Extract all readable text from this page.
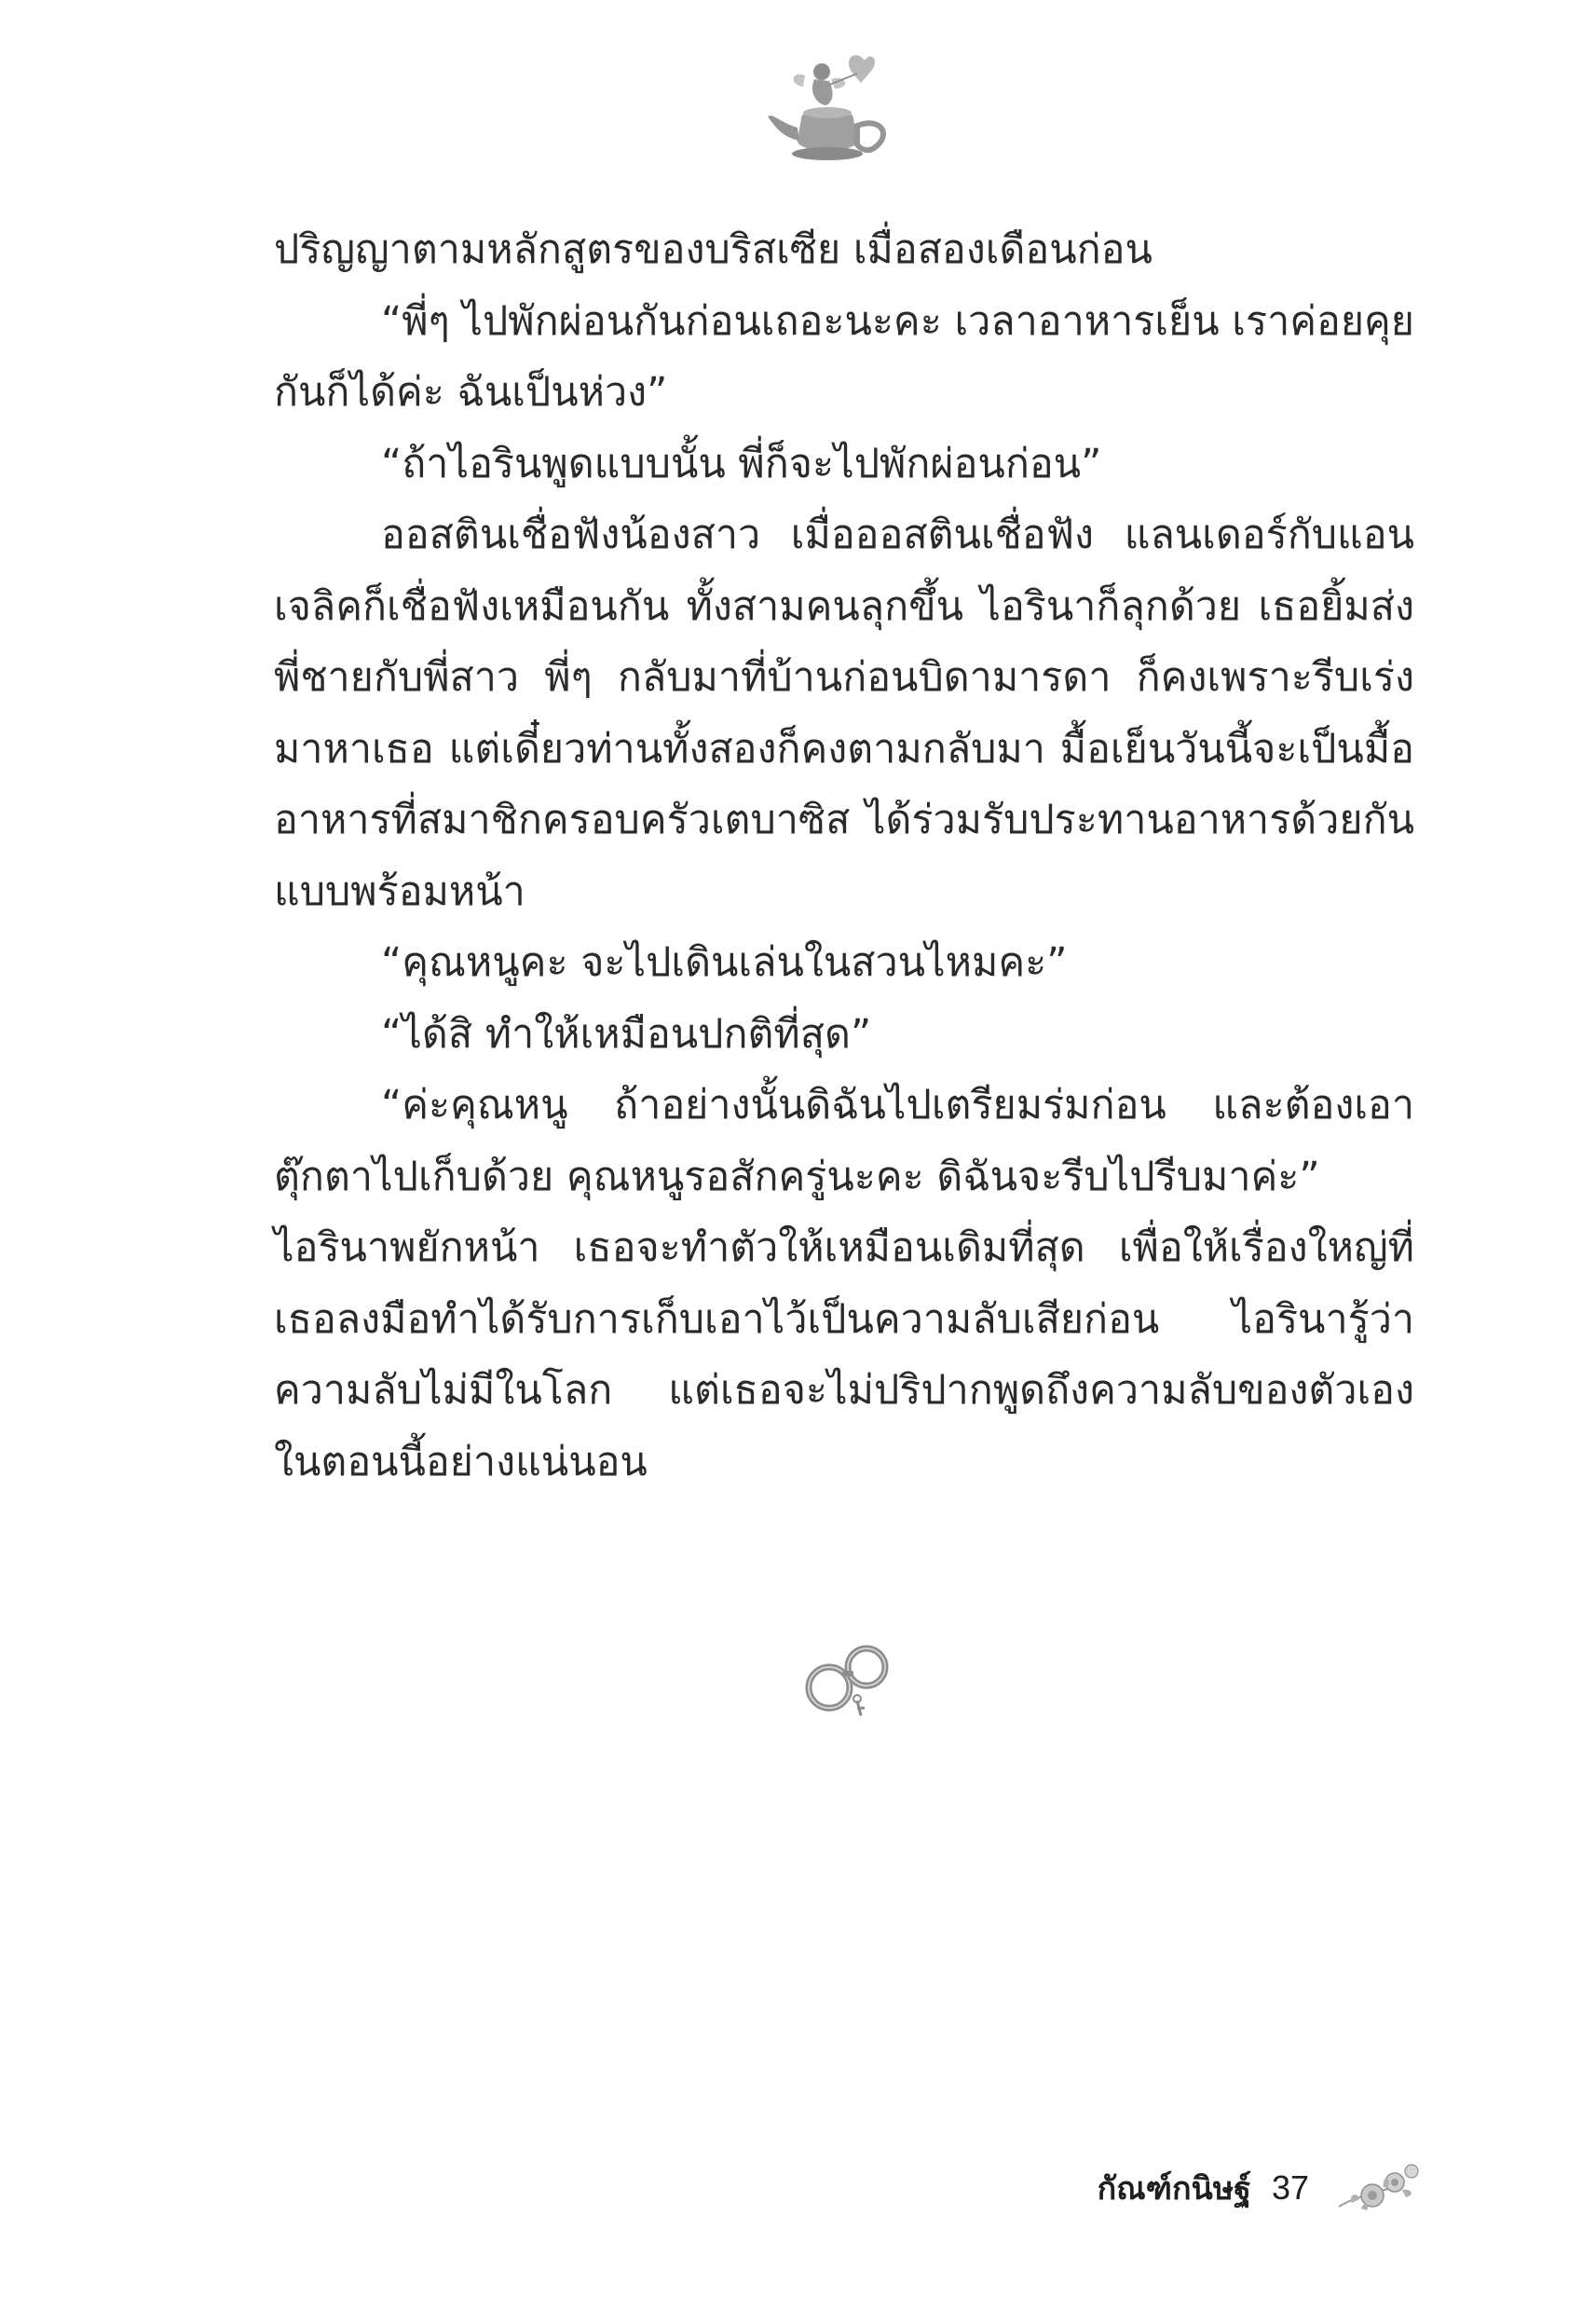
ปริญญาตามหลักสูตรของบริสเซีย เมื่อสองเดือนก่อน

“พี่ๆ ไปพักผ่อนกันก่อนเถอะนะคะ เวลาอาหารเย็น เราค่อยคุยกันก็ได้ค่ะ ฉันเป็นห่วง”

“ถ้าไอรินพูดแบบนั้น พี่ก็จะไปพักผ่อนก่อน”

ออสตินเชื่อฟังน้องสาว เมื่อออสตินเชื่อฟัง แลนเดอร์กับแอนเจลิคก็เชื่อฟังเหมือนกัน ทั้งสามคนลุกขึ้น ไอรินาก็ลุกด้วย เธอยิ้มส่งพี่ชายกับพี่สาว พี่ๆ กลับมาที่บ้านก่อนบิดามารดา ก็คงเพราะรีบเร่งมาหาเธอ แต่เดี๋ยวท่านทั้งสองก็คงตามกลับมา มื้อเย็นวันนี้จะเป็นมื้ออาหารที่สมาชิกครอบครัวเตบาซิส ได้ร่วมรับประทานอาหารด้วยกันแบบพร้อมหน้า

“คุณหนูคะ จะไปเดินเล่นในสวนไหมคะ”

“ได้สิ ทำให้เหมือนปกติที่สุด”

“ค่ะคุณหนู ถ้าอย่างนั้นดิฉันไปเตรียมร่มก่อน และต้องเอาตุ๊กตาไปเก็บด้วย คุณหนูรอสักครู่นะคะ ดิฉันจะรีบไปรีบมาค่ะ”

ไอรินาพยักหน้า เธอจะทำตัวให้เหมือนเดิมที่สุด เพื่อให้เรื่องใหญ่ที่เธอลงมือทำได้รับการเก็บเอาไว้เป็นความลับเสียก่อน ไอรินารู้ว่าความลับไม่มีในโลก แต่เธอจะไม่ปริปากพูดถึงความลับของตัวเองในตอนนี้อย่างแน่นอน

กัณฑ์กนิษฐ์ 37
